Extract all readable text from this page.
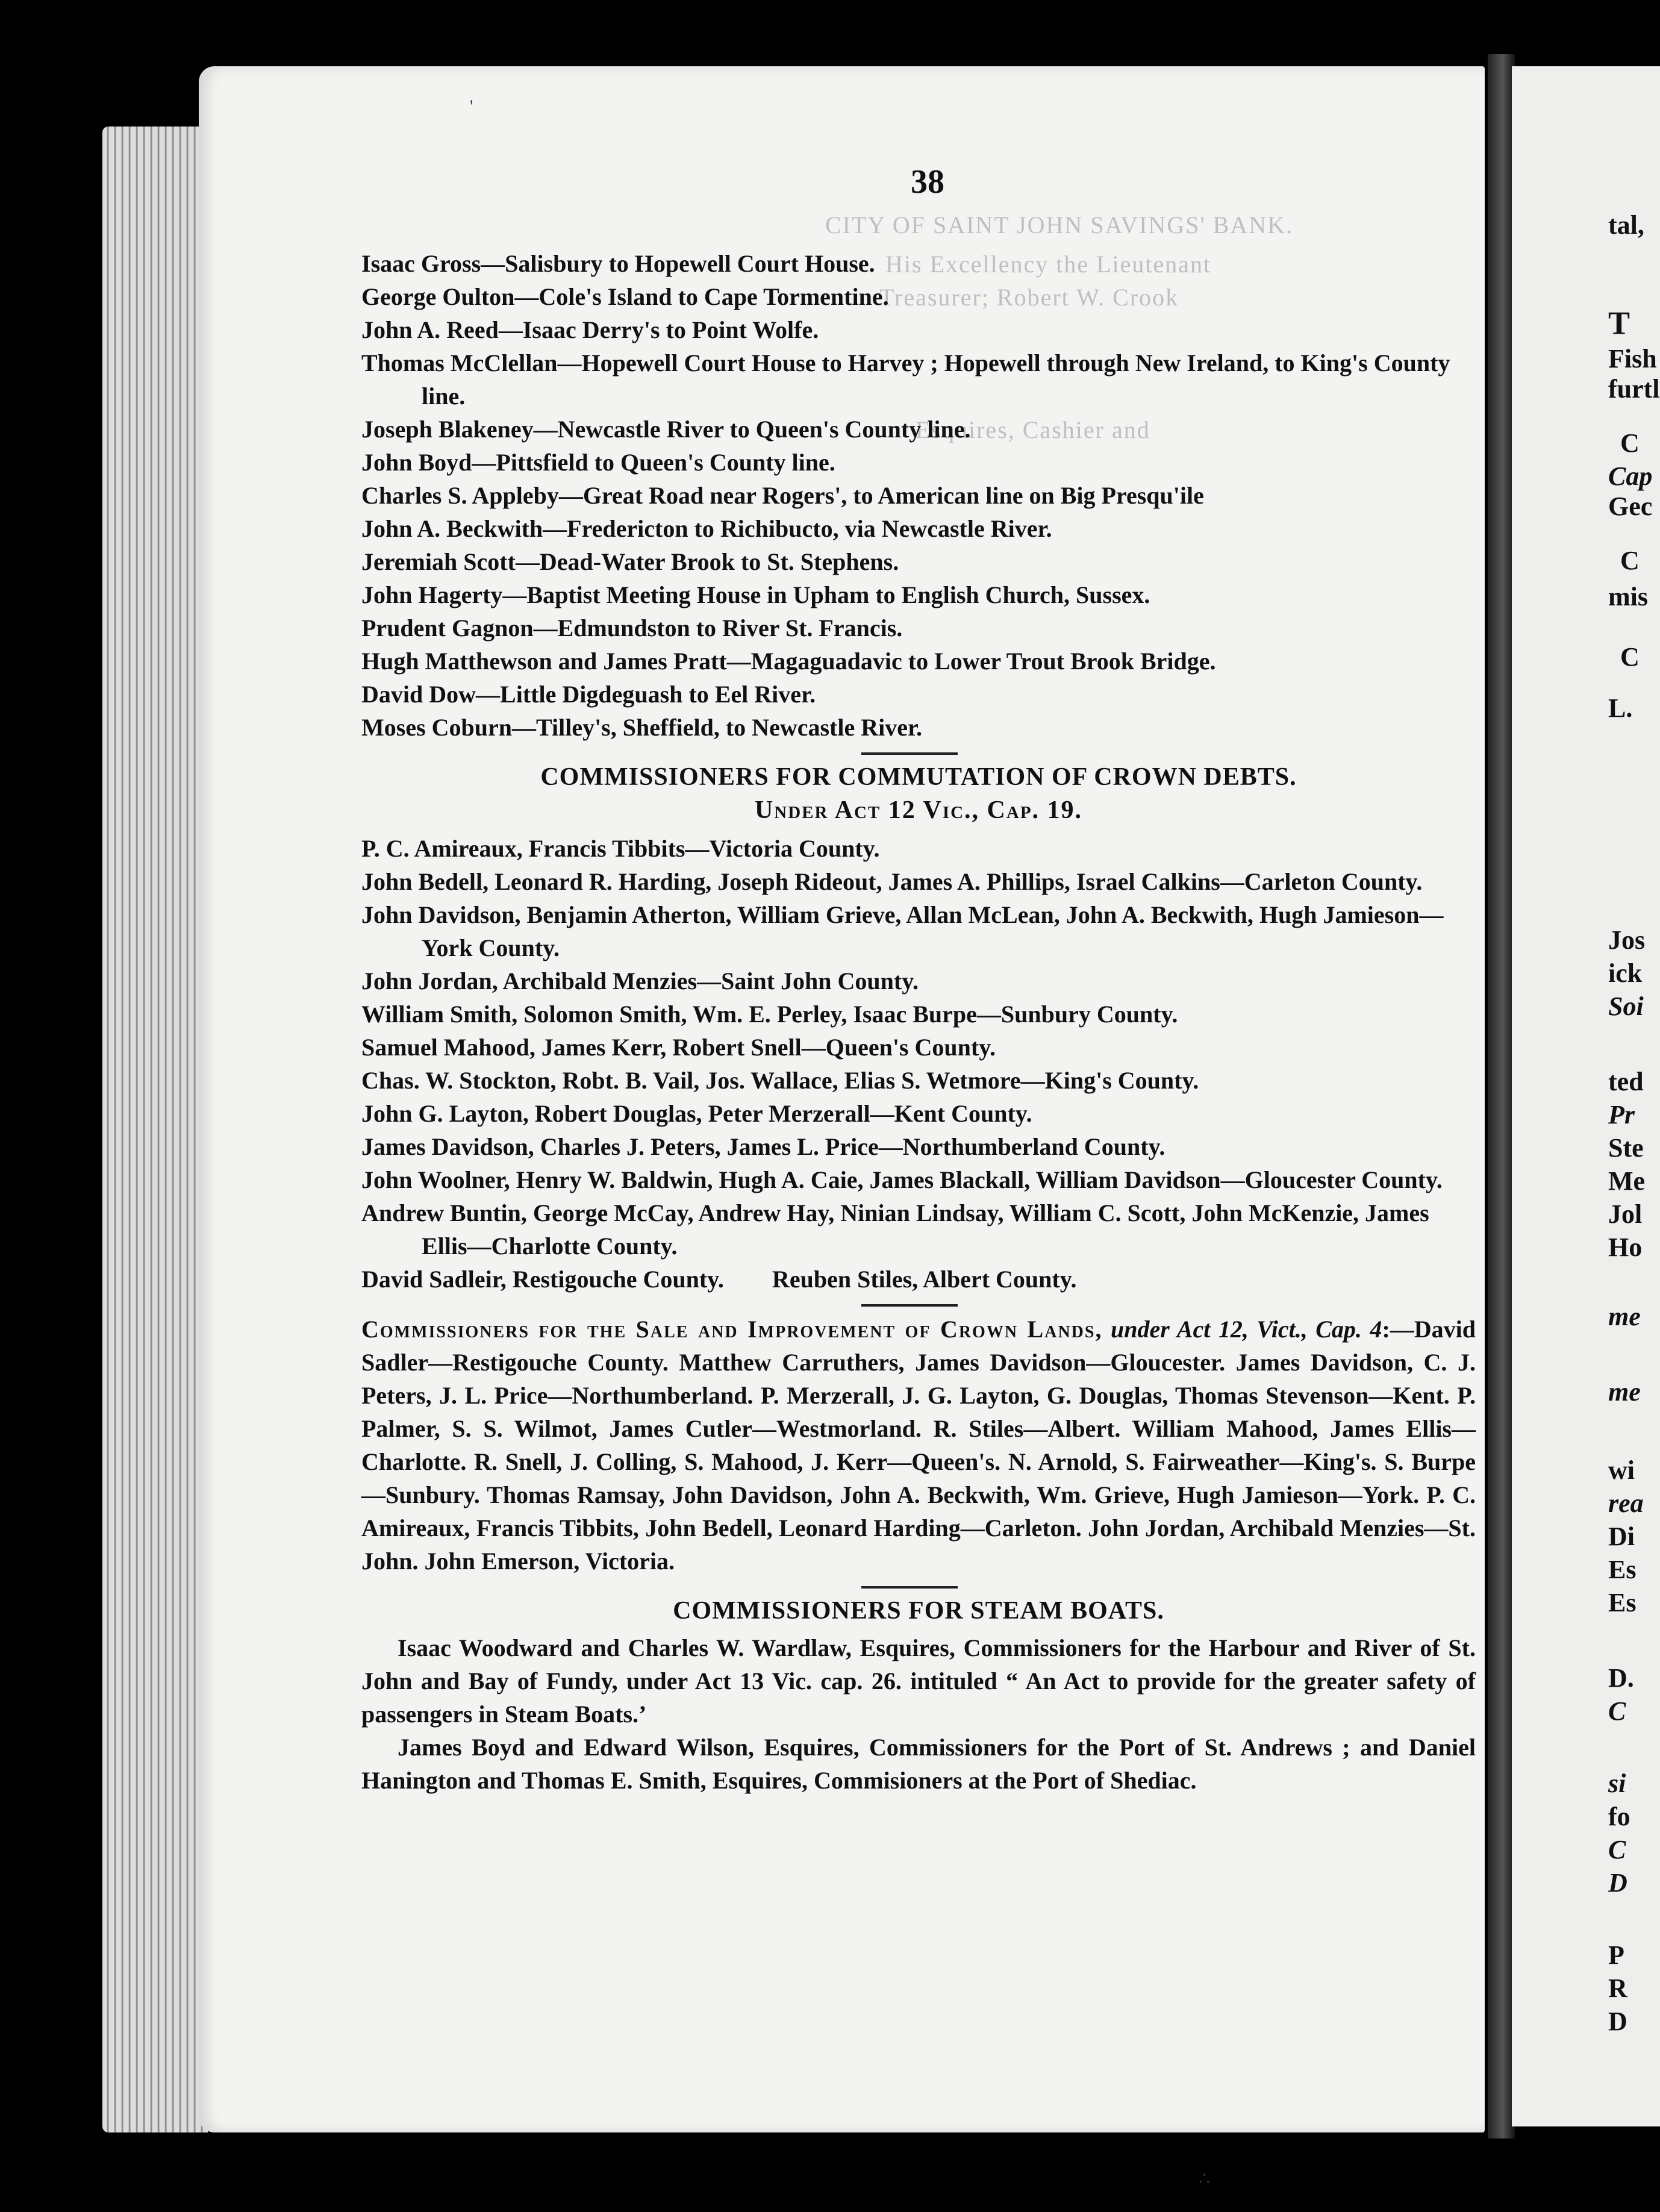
tal,
T
Fish
furtl
C
Cap
Gec
C
mis
C
L.
Jos
ick
Soi
ted
Pr
Ste
Me
Jol
Ho
me
me
wi
rea
Di
Es
Es
D.
C
si
fo
C
D
P
R
D
CITY OF SAINT JOHN SAVINGS' BANK.
His Excellency the Lieutenant
Treasurer; Robert W. Crook
Esquires, Cashier and
'
∴
38
Isaac Gross—Salisbury to Hopewell Court House.
George Oulton—Cole's Island to Cape Tormentine.
John A. Reed—Isaac Derry's to Point Wolfe.
Thomas McClellan—Hopewell Court House to Harvey ; Hopewell through New Ireland, to King's County line.
Joseph Blakeney—Newcastle River to Queen's County line.
John Boyd—Pittsfield to Queen's County line.
Charles S. Appleby—Great Road near Rogers', to American line on Big Presqu'ile
John A. Beckwith—Fredericton to Richibucto, via Newcastle River.
Jeremiah Scott—Dead-Water Brook to St. Stephens.
John Hagerty—Baptist Meeting House in Upham to English Church, Sussex.
Prudent Gagnon—Edmundston to River St. Francis.
Hugh Matthewson and James Pratt—Magaguadavic to Lower Trout Brook Bridge.
David Dow—Little Digdeguash to Eel River.
Moses Coburn—Tilley's, Sheffield, to Newcastle River.
COMMISSIONERS FOR COMMUTATION OF CROWN DEBTS.
Under Act 12 Vic., Cap. 19.
P. C. Amireaux, Francis Tibbits—Victoria County.
John Bedell, Leonard R. Harding, Joseph Rideout, James A. Phillips, Israel Calkins—Carleton County.
John Davidson, Benjamin Atherton, William Grieve, Allan McLean, John A. Beckwith, Hugh Jamieson—York County.
John Jordan, Archibald Menzies—Saint John County.
William Smith, Solomon Smith, Wm. E. Perley, Isaac Burpe—Sunbury County.
Samuel Mahood, James Kerr, Robert Snell—Queen's County.
Chas. W. Stockton, Robt. B. Vail, Jos. Wallace, Elias S. Wetmore—King's County.
John G. Layton, Robert Douglas, Peter Merzerall—Kent County.
James Davidson, Charles J. Peters, James L. Price—Northumberland County.
John Woolner, Henry W. Baldwin, Hugh A. Caie, James Blackall, William Davidson—Gloucester County.
Andrew Buntin, George McCay, Andrew Hay, Ninian Lindsay, William C. Scott, John McKenzie, James Ellis—Charlotte County.
David Sadleir, Restigouche County.        Reuben Stiles, Albert County.
Commissioners for the Sale and Improvement of Crown Lands, under Act 12, Vict., Cap. 4:—David Sadler—Restigouche County. Matthew Carruthers, James Davidson—Gloucester. James Davidson, C. J. Peters, J. L. Price—Northumberland. P. Merzerall, J. G. Layton, G. Douglas, Thomas Stevenson—Kent. P. Palmer, S. S. Wilmot, James Cutler—Westmorland. R. Stiles—Albert. William Mahood, James Ellis—Charlotte. R. Snell, J. Colling, S. Mahood, J. Kerr—Queen's. N. Arnold, S. Fairweather—King's. S. Burpe—Sunbury. Thomas Ramsay, John Davidson, John A. Beckwith, Wm. Grieve, Hugh Jamieson—York. P. C. Amireaux, Francis Tibbits, John Bedell, Leonard Harding—Carleton. John Jordan, Archibald Menzies—St. John. John Emerson, Victoria.
COMMISSIONERS FOR STEAM BOATS.
Isaac Woodward and Charles W. Wardlaw, Esquires, Commissioners for the Harbour and River of St. John and Bay of Fundy, under Act 13 Vic. cap. 26. intituled “ An Act to provide for the greater safety of passengers in Steam Boats.’
James Boyd and Edward Wilson, Esquires, Commissioners for the Port of St. Andrews ; and Daniel Hanington and Thomas E. Smith, Esquires, Commisioners at the Port of Shediac.
